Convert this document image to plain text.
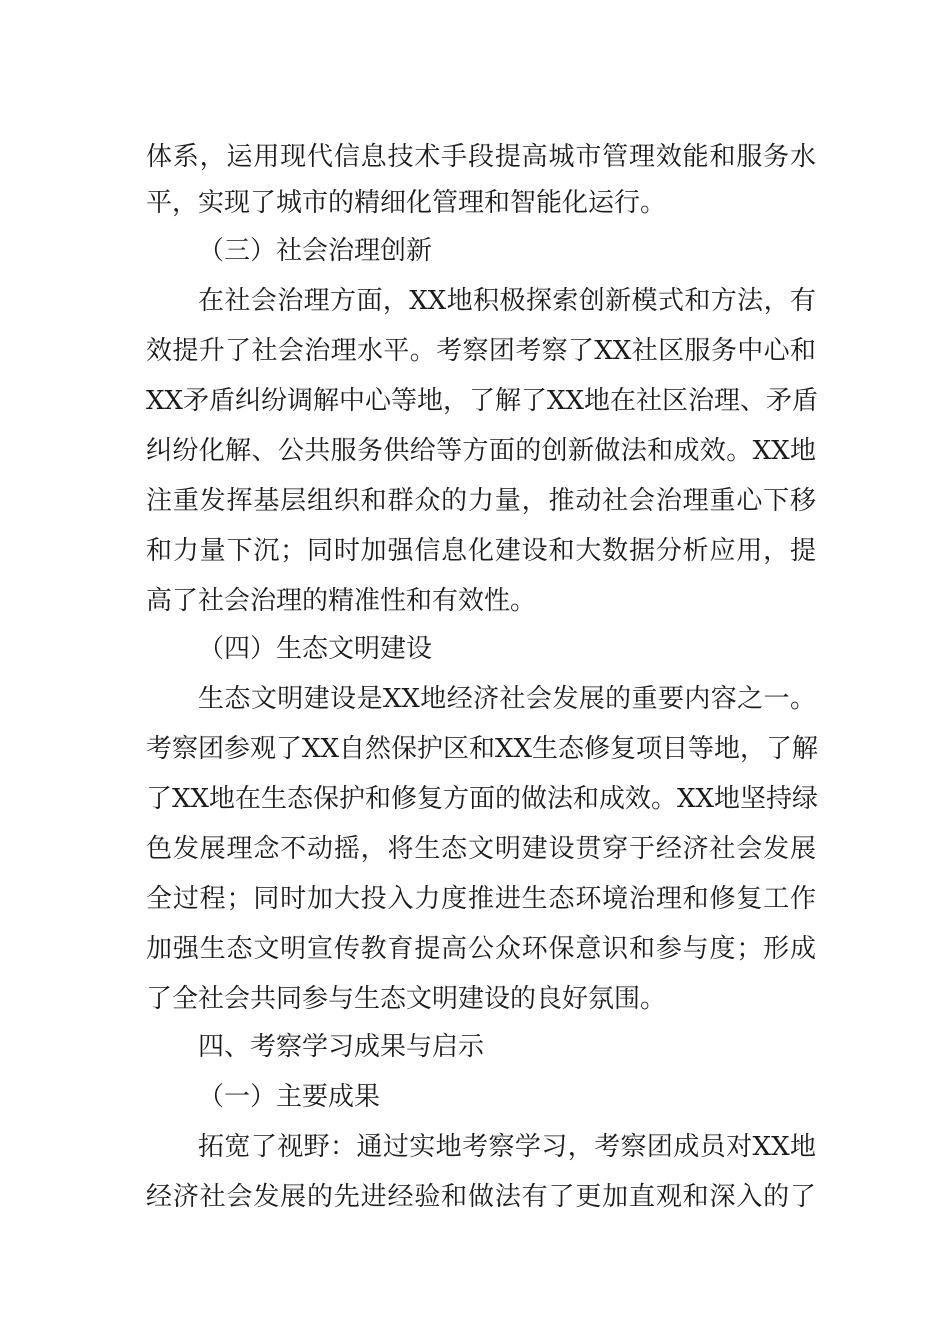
体系，运用现代信息技术手段提高城市管理效能和服务水
平，实现了城市的精细化管理和智能化运行。
（三）社会治理创新
在社会治理方面，XX地积极探索创新模式和方法，有
效提升了社会治理水平。考察团考察了XX社区服务中心和
XX矛盾纠纷调解中心等地，了解了XX地在社区治理、矛盾
纠纷化解、公共服务供给等方面的创新做法和成效。XX地
注重发挥基层组织和群众的力量，推动社会治理重心下移
和力量下沉；同时加强信息化建设和大数据分析应用，提
高了社会治理的精准性和有效性。
（四）生态文明建设
生态文明建设是XX地经济社会发展的重要内容之一。
考察团参观了XX自然保护区和XX生态修复项目等地，了解
了XX地在生态保护和修复方面的做法和成效。XX地坚持绿
色发展理念不动摇，将生态文明建设贯穿于经济社会发展
全过程；同时加大投入力度推进生态环境治理和修复工作
加强生态文明宣传教育提高公众环保意识和参与度；形成
了全社会共同参与生态文明建设的良好氛围。
四、考察学习成果与启示
（一）主要成果
拓宽了视野：通过实地考察学习，考察团成员对XX地
经济社会发展的先进经验和做法有了更加直观和深入的了
